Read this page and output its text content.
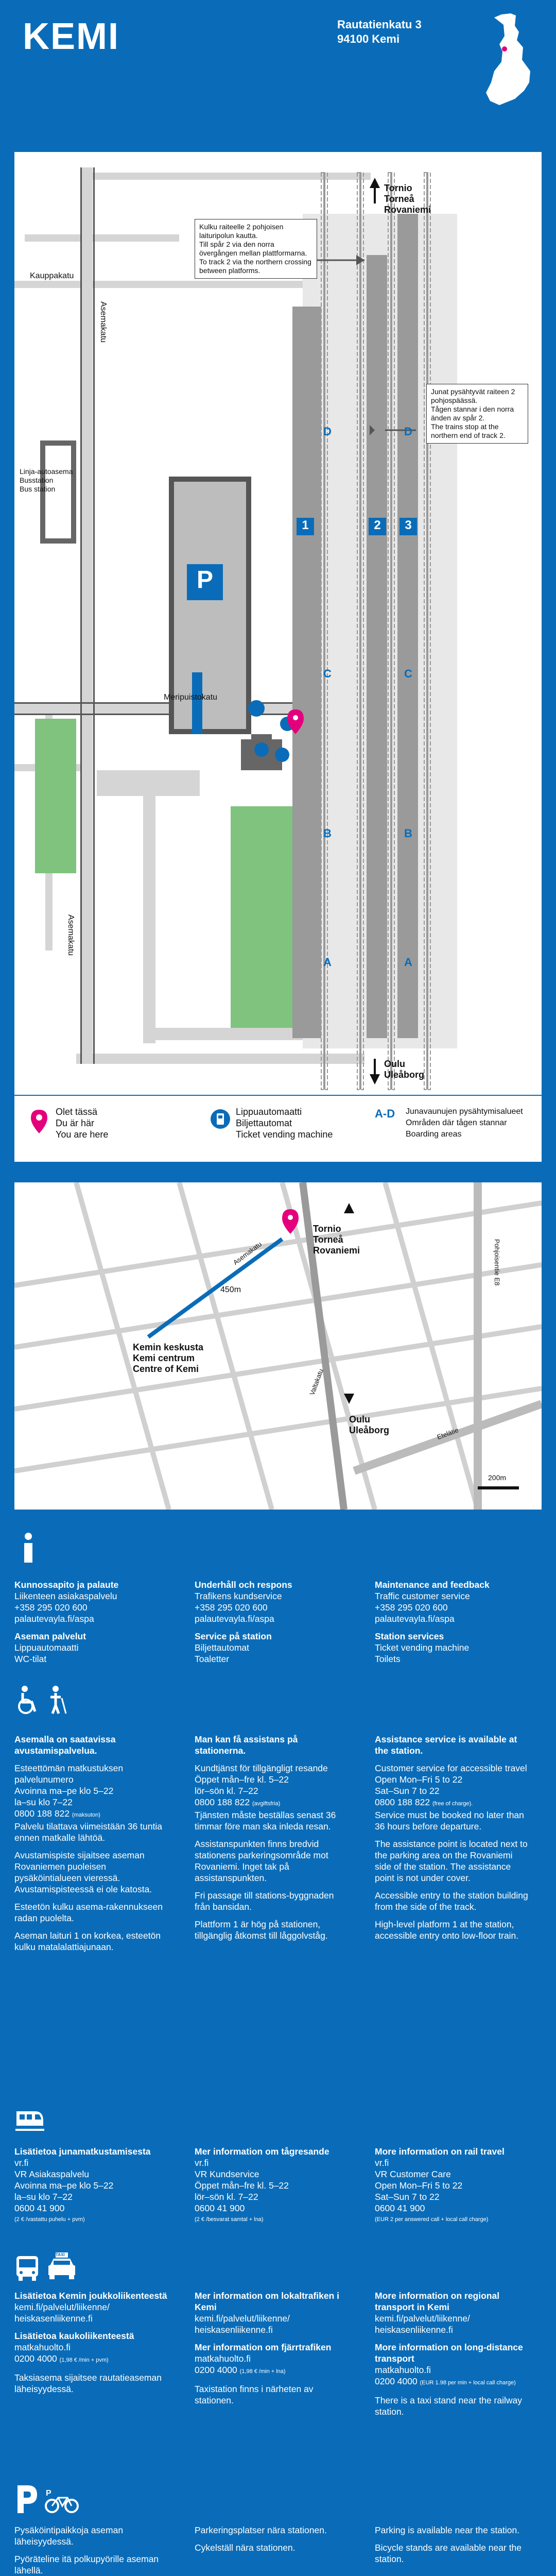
KEMI	Rautatienkatu 3
94100 Kemi
Kauppakatu
Asemakatu
Meripuistokatu
Asemakatu
Linja-autoasema
Busstation
Bus station
Kulku raiteelle 2 pohjoisen laituripolun kautta.
Till spår 2 via den norra övergången mellan plattformarna.
To track 2 via the northern crossing between platforms.
Junat pysähtyvät raiteen 2 pohjospäässä.
Tågen stannar i den norra änden av spår 2.
The trains stop at the northern end of track 2.
Tornio
Torneå
Rovaniemi
Oulu
Uleåborg
1	2	3
P
D
C
B
A
D
C
B
A
Olet tässä
Du är här
You are here
Lippuautomaatti
Biljettautomat
Ticket vending machine
A-D Junavaunujen pysähtymisalueet
Områden där tågen stannar
Boarding areas
Tornio
Torneå
Rovaniemi
Oulu
Uleåborg
Kemin keskusta
Kemi centrum
Centre of Kemi
450m
200m
Asemakatu
Valtakatu
Etelätie
Pohjoisentie E8

Kunnossapito ja palaute

Liikenteen asiakaspalvelu
+358 295 020 600
palautevayla.fi/aspa

Aseman palvelut

Lippuautomaatti
WC-tilat

Underhåll och respons

Trafikens kundservice
+358 295 020 600
palautevayla.fi/aspa

Service på station

Biljettautomat
Toaletter

Maintenance and feedback

Traffic customer service
+358 295 020 600
palautevayla.fi/aspa

Station services

Ticket vending machine
Toilets

Asemalla on saatavissa avustamispalvelua.

Esteettömän matkustuksen palvelunumero
Avoinna ma–pe klo 5–22
la–su klo 7–22
0800 188 822 (maksuton)
Palvelu tilattava viimeistään 36 tuntia ennen matkalle lähtöä.

Avustamispiste sijaitsee aseman Rovaniemen puoleisen pysäköintialueen vieressä. Avustamispisteessä ei ole katosta.

Esteetön kulku asema-rakennukseen radan puolelta.

Aseman laituri 1 on korkea, esteetön kulku matalalattiajunaan.

Man kan få assistans på stationerna.

Kundtjänst för tillgängligt resande
Öppet mån–fre kl. 5–22
lör–sön kl. 7–22
0800 188 822 (avgiftsfria)
Tjänsten måste beställas senast 36 timmar före man ska inleda resan.

Assistanspunkten finns bredvid stationens parkeringsområde mot Rovaniemi. Inget tak på assistanspunkten.

Fri passage till stations-byggnaden från bansidan.

Plattform 1 är hög på stationen, tillgänglig åtkomst till låggolvståg.

Assistance service is available at the station.

Customer service for accessible travel
Open Mon–Fri 5 to 22
Sat–Sun 7 to 22
0800 188 822 (free of charge).
Service must be booked no later than 36 hours before departure.

The assistance point is located next to the parking area on the Rovaniemi side of the station. The assistance point is not under cover.

Accessible entry to the station building from the side of the track.

High-level platform 1 at the station, accessible entry onto low-floor train.

Lisätietoa junamatkustamisesta

vr.fi

VR Asiakaspalvelu
Avoinna ma–pe klo 5–22
la–su klo 7–22
0600 41 900

(2 € /vastattu puhelu + pvm)

Mer information om tågresande

vr.fi

VR Kundservice
Öppet mån–fre kl. 5–22
lör–sön kl. 7–22
0600 41 900

(2 € /besvarat samtal + lna)

More information on rail travel

vr.fi

VR Customer Care
Open Mon–Fri 5 to 22
Sat–Sun 7 to 22
0600 41 900

(EUR 2 per answered call + local call charge)

TAXI

Lisätietoa Kemin joukkoliikenteestä

kemi.fi/palvelut/liikenne/
heiskasenliikenne.fi

Lisätietoa kaukoliikenteestä

matkahuolto.fi

0200 4000 (1,98 € /min + pvm)

Taksiasema sijaitsee rautatieaseman läheisyydessä.

Mer information om lokaltrafiken i Kemi

kemi.fi/palvelut/liikenne/
heiskasenliikenne.fi

Mer information om fjärrtrafiken

matkahuolto.fi

0200 4000 (1,98 € /min + lna)

Taxistation finns i närheten av stationen.

More information on regional transport in Kemi

kemi.fi/palvelut/liikenne/
heiskasenliikenne.fi

More information on long-distance transport

matkahuolto.fi

0200 4000 (EUR 1.98 per min + local call charge)

There is a taxi stand near the railway station.

P

Pysäköintipaikkoja aseman läheisyydessä.

Pyöräteline itä polkupyörille aseman lähellä.

Parkeringsplatser nära stationen.

Cykelställ nära stationen.

Parking is available near the station.

Bicycle stands are available near the station.
